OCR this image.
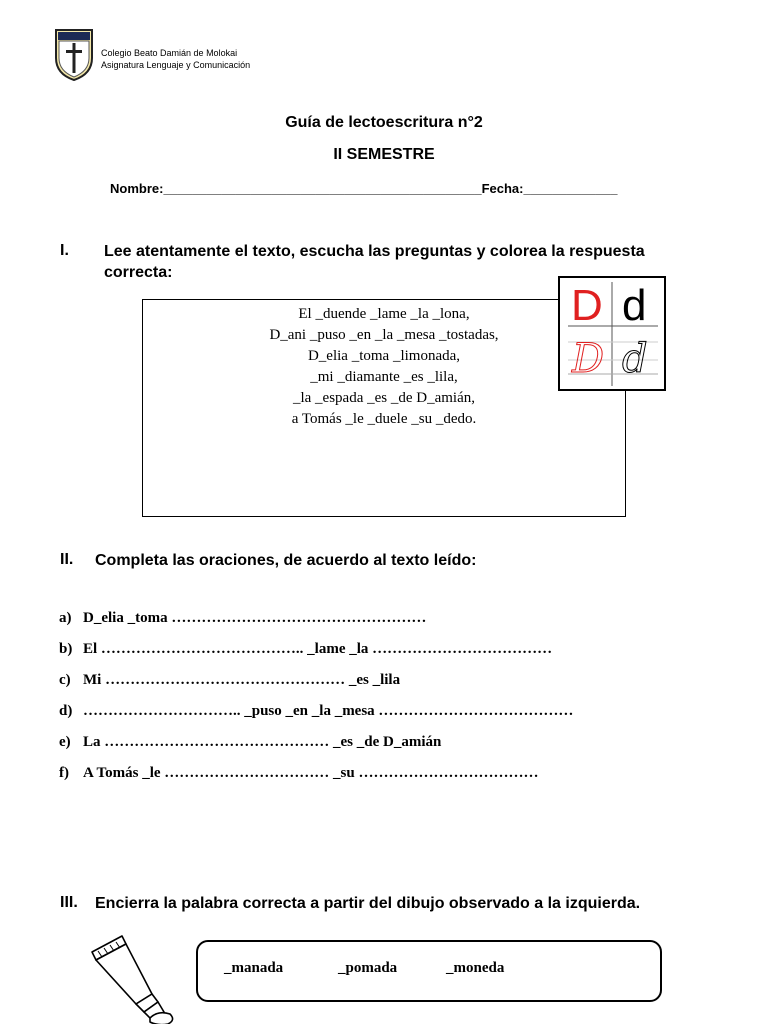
Colegio Beato Damián de Molokai
Asignatura Lenguaje y Comunicación
Guía de lectoescritura n°2
II SEMESTRE
Nombre:____________________________________________Fecha:_____________
I. Lee atentamente el texto, escucha las preguntas y colorea la respuesta correcta:
El _duende _lame _la _lona,
D_ani _puso _en _la _mesa _tostadas,
D_elia _toma _limonada,
_mi _diamante _es _lila,
_la _espada _es _de D_amián,
a Tomás _le _duele _su _dedo.
D d
D d
II. Completa las oraciones, de acuerdo al texto leído:
a) D_elia _toma ……………………………………………
b) El ………………………………….. _lame _la ………………………………
c) Mi ………………………………………… _es _lila
d) ………………………….. _puso _en _la _mesa …………………………………
e) La ……………………………………… _es _de D_amián
f) A Tomás _le …………………………… _su ………………………………
III. Encierra la palabra correcta a partir del dibujo observado a la izquierda.
_manada	_pomada	_moneda
